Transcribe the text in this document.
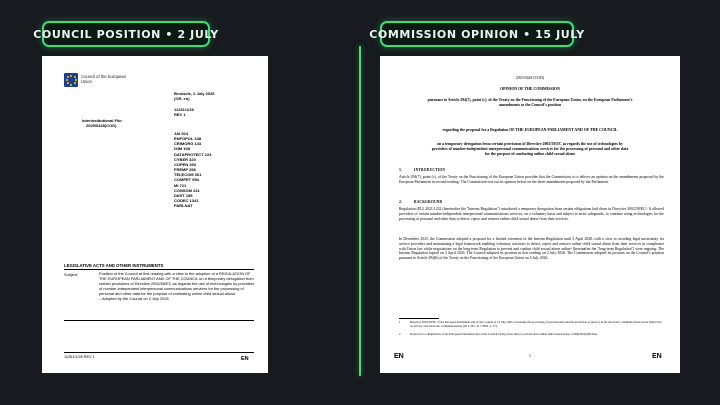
COUNCIL POSITION • 2 JULY	COMMISSION OPINION • 15 JULY
Council of the European Union
Brussels, 2 July 2026
(OR. en)
11261/1/26
REV 1
Interinstitutional File:
2025/0428(COD)
JAI 924
ENFOPOL 248
CRIMORG 143
IXIM 108
DATAPROTECT 223
CYBER 320
COPEN 253
FREMP 258
TELECOM 361
COMPET 994
MI 721
CONSOM 221
DIGIT 185
CODEC 1341
PARLNAT
LEGISLATIVE ACTS AND OTHER INSTRUMENTS
Subject:	Position of the Council at first reading with a view to the adoption of a REGULATION OF THE EUROPEAN PARLIAMENT AND OF THE COUNCIL on a temporary derogation from certain provisions of Directive 2002/58/EC as regards the use of technologies by providers of number-independent interpersonal communications services for the processing of personal and other data for the purpose of combating online child sexual abuse
– Adopted by the Council on 2 July 2026
11261/1/26 REV 1	EN
2025/0428 (COD)
OPINION OF THE COMMISSION
pursuant to Article 294(7), point (c), of the Treaty on the Functioning of the European Union, on the European Parliament's amendments to the Council's position
regarding the proposal for a Regulation OF THE EUROPEAN PARLIAMENT AND OF THE COUNCIL
on a temporary derogation from certain provisions of Directive 2002/58/EC as regards the use of technologies by providers of number-independent interpersonal communications services for the processing of personal and other data for the purpose of combating online child sexual abuse
1.	INTRODUCTION
Article 294(7), point (c), of the Treaty on the Functioning of the European Union provides that the Commission is to deliver an opinion on the amendments proposed by the European Parliament in second reading. The Commission sets out its opinion below on the three amendments proposed by the Parliament.
2.	BACKGROUND
Regulation (EU) 2021/1232 (hereinafter the "Interim Regulation") introduced a temporary derogation from certain obligations laid down in Directive 2002/58/EC¹. It allowed providers of certain number-independent interpersonal communications services, on a voluntary basis and subject to strict safeguards, to continue using technologies for the processing of personal and other data to detect, report and remove online child sexual abuse from their services.
In December 2025, the Commission adopted a proposal for a limited extension of the Interim Regulation until 3 April 2028, with a view to avoiding legal uncertainty for service providers and maintaining a legal framework enabling voluntary activities to detect, report and remove online child sexual abuse from their services in compliance with Union law while negotiations on the long-term Regulation to prevent and combat child sexual abuse online² (hereinafter the "long-term Regulation") were ongoing. The Interim Regulation lapsed on 3 April 2026. The Council adopted its position in first reading on 2 July 2026. The Commission adopted its position on the Council's position pursuant to Article 294(6) of the Treaty on the Functioning of the European Union on 3 July 2026.
1	Directive 2002/58/EC of the European Parliament and of the Council of 12 July 2002 concerning the processing of personal data and the protection of privacy in the electronic communications sector (Directive on privacy and electronic communications) (OJ L 201, 31.7.2002, p. 37).
2	Proposal for a Regulation of the European Parliament and of the Council laying down rules to prevent and combat child sexual abuse, COM(2022)209 final.
1
EN	EN
